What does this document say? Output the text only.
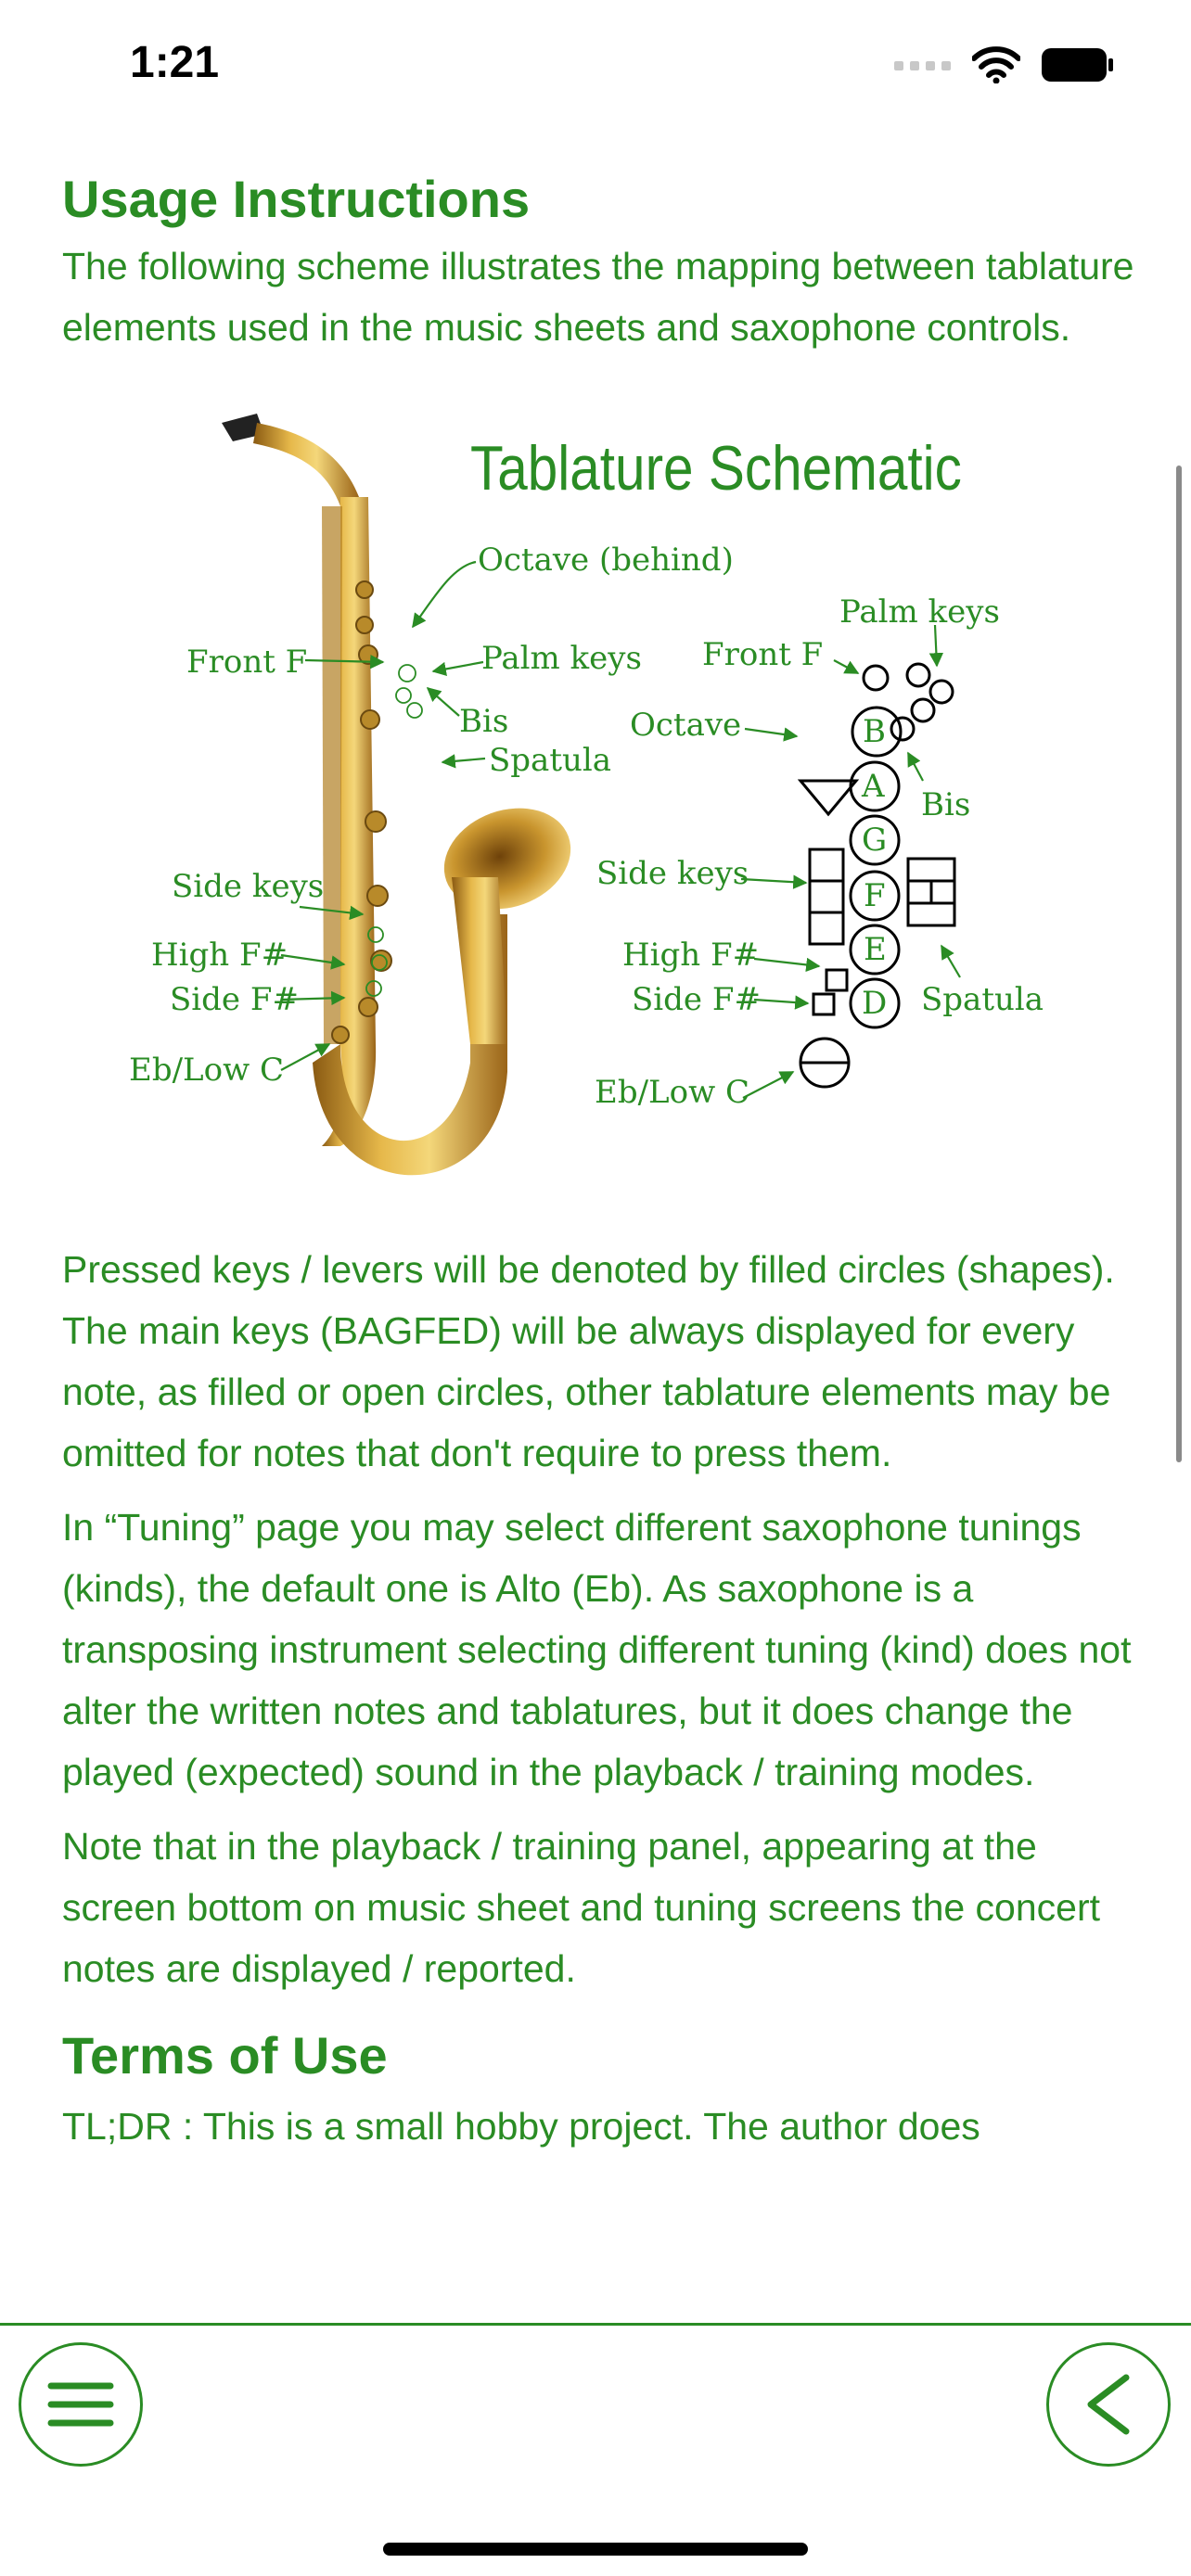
1:21
Usage Instructions

The following scheme illustrates the mapping between tablature elements used in the music sheets and saxophone controls.

Tablature Schematic
Octave (behind)
Front F	Palm keys
Bis
Spatula
Side keys
High F#
Side F#
Eb/Low C
Palm keys
Front F
Octave
Bis
Side keys
High F#
Side F#	Spatula
Eb/Low C
B
A
G
F
E
D

Pressed keys / levers will be denoted by filled circles (shapes). The main keys (BAGFED) will be always displayed for every note, as filled or open circles, other tablature elements may be omitted for notes that don't require to press them.

In “Tuning” page you may select different saxophone tunings (kinds), the default one is Alto (Eb). As saxophone is a transposing instrument selecting different tuning (kind) does not alter the written notes and tablatures, but it does change the played (expected) sound in the playback / training modes.

Note that in the playback / training panel, appearing at the screen bottom on music sheet and tuning screens the concert notes are displayed / reported.

Terms of Use

TL;DR : This is a small hobby project. The author does
